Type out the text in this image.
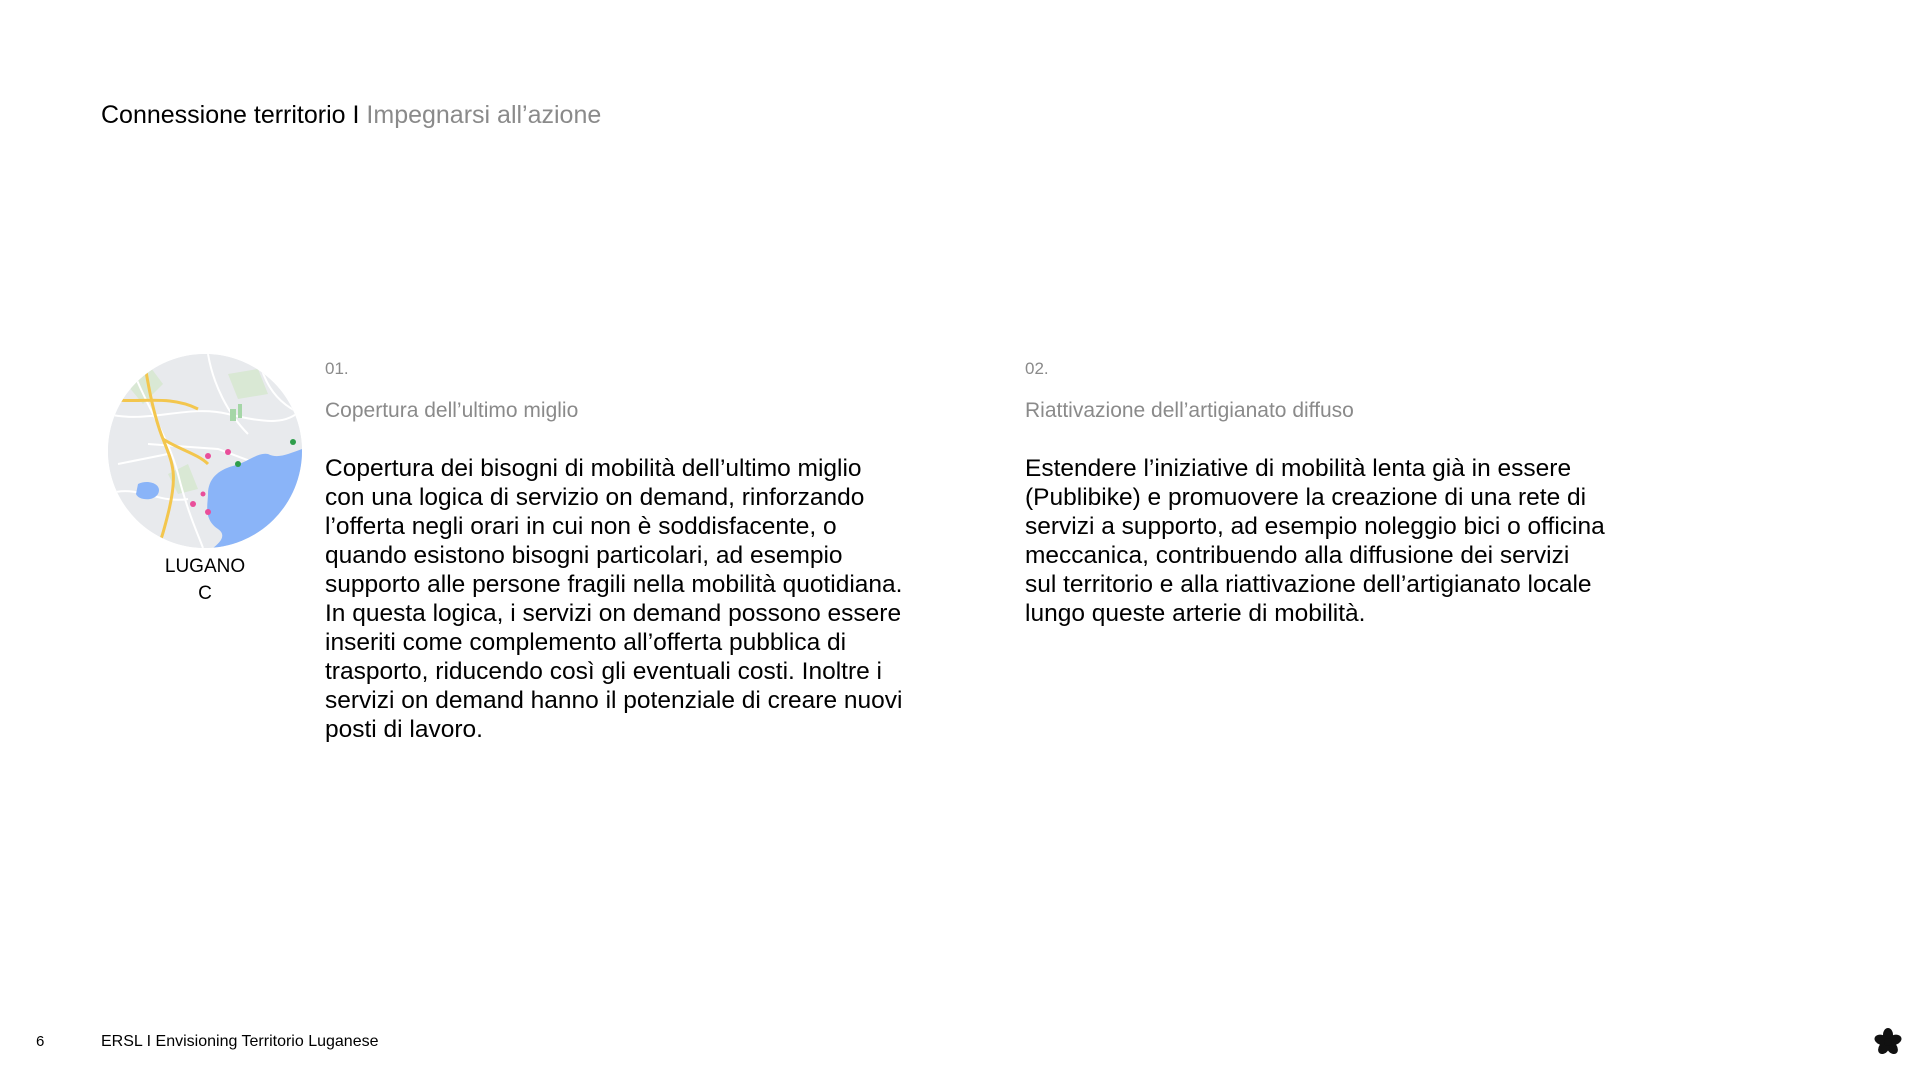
Connessione territorio I Impegnarsi all’azione
LUGANO
C
01.
Copertura dell’ultimo miglio
Copertura dei bisogni di mobilità dell’ultimo miglio
con una logica di servizio on demand, rinforzando
l’offerta negli orari in cui non è soddisfacente, o
quando esistono bisogni particolari, ad esempio
supporto alle persone fragili nella mobilità quotidiana.
In questa logica, i servizi on demand possono essere
inseriti come complemento all’offerta pubblica di
trasporto, riducendo così gli eventuali costi. Inoltre i
servizi on demand hanno il potenziale di creare nuovi
posti di lavoro.
02.
Riattivazione dell’artigianato diffuso
Estendere l’iniziative di mobilità lenta già in essere
(Publibike) e promuovere la creazione di una rete di
servizi a supporto, ad esempio noleggio bici o officina
meccanica, contribuendo alla diffusione dei servizi
sul territorio e alla riattivazione dell’artigianato locale
lungo queste arterie di mobilità.
6	ERSL I Envisioning Territorio Luganese
